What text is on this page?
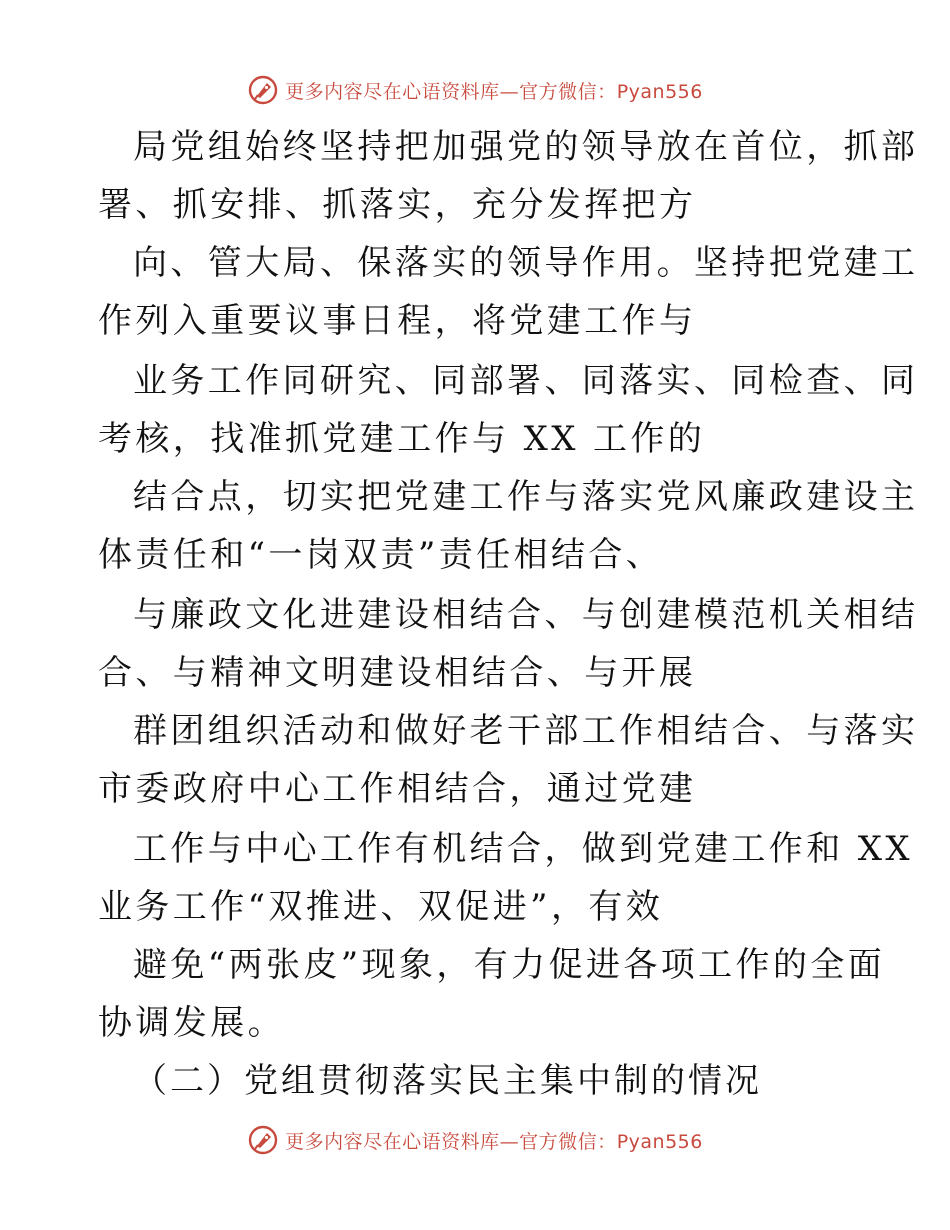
更多内容尽在心语资料库—官方微信：Pyan556
局党组始终坚持把加强党的领导放在首位，抓部
署、抓安排、抓落实，充分发挥把方
向、管大局、保落实的领导作用。坚持把党建工
作列入重要议事日程，将党建工作与
业务工作同研究、同部署、同落实、同检查、同
考核，找准抓党建工作与 XX 工作的
结合点，切实把党建工作与落实党风廉政建设主
体责任和“一岗双责”责任相结合、
与廉政文化进建设相结合、与创建模范机关相结
合、与精神文明建设相结合、与开展
群团组织活动和做好老干部工作相结合、与落实
市委政府中心工作相结合，通过党建
工作与中心工作有机结合，做到党建工作和 XX
业务工作“双推进、双促进”，有效
避免“两张皮”现象，有力促进各项工作的全面
协调发展。
（二）党组贯彻落实民主集中制的情况
更多内容尽在心语资料库—官方微信：Pyan556
